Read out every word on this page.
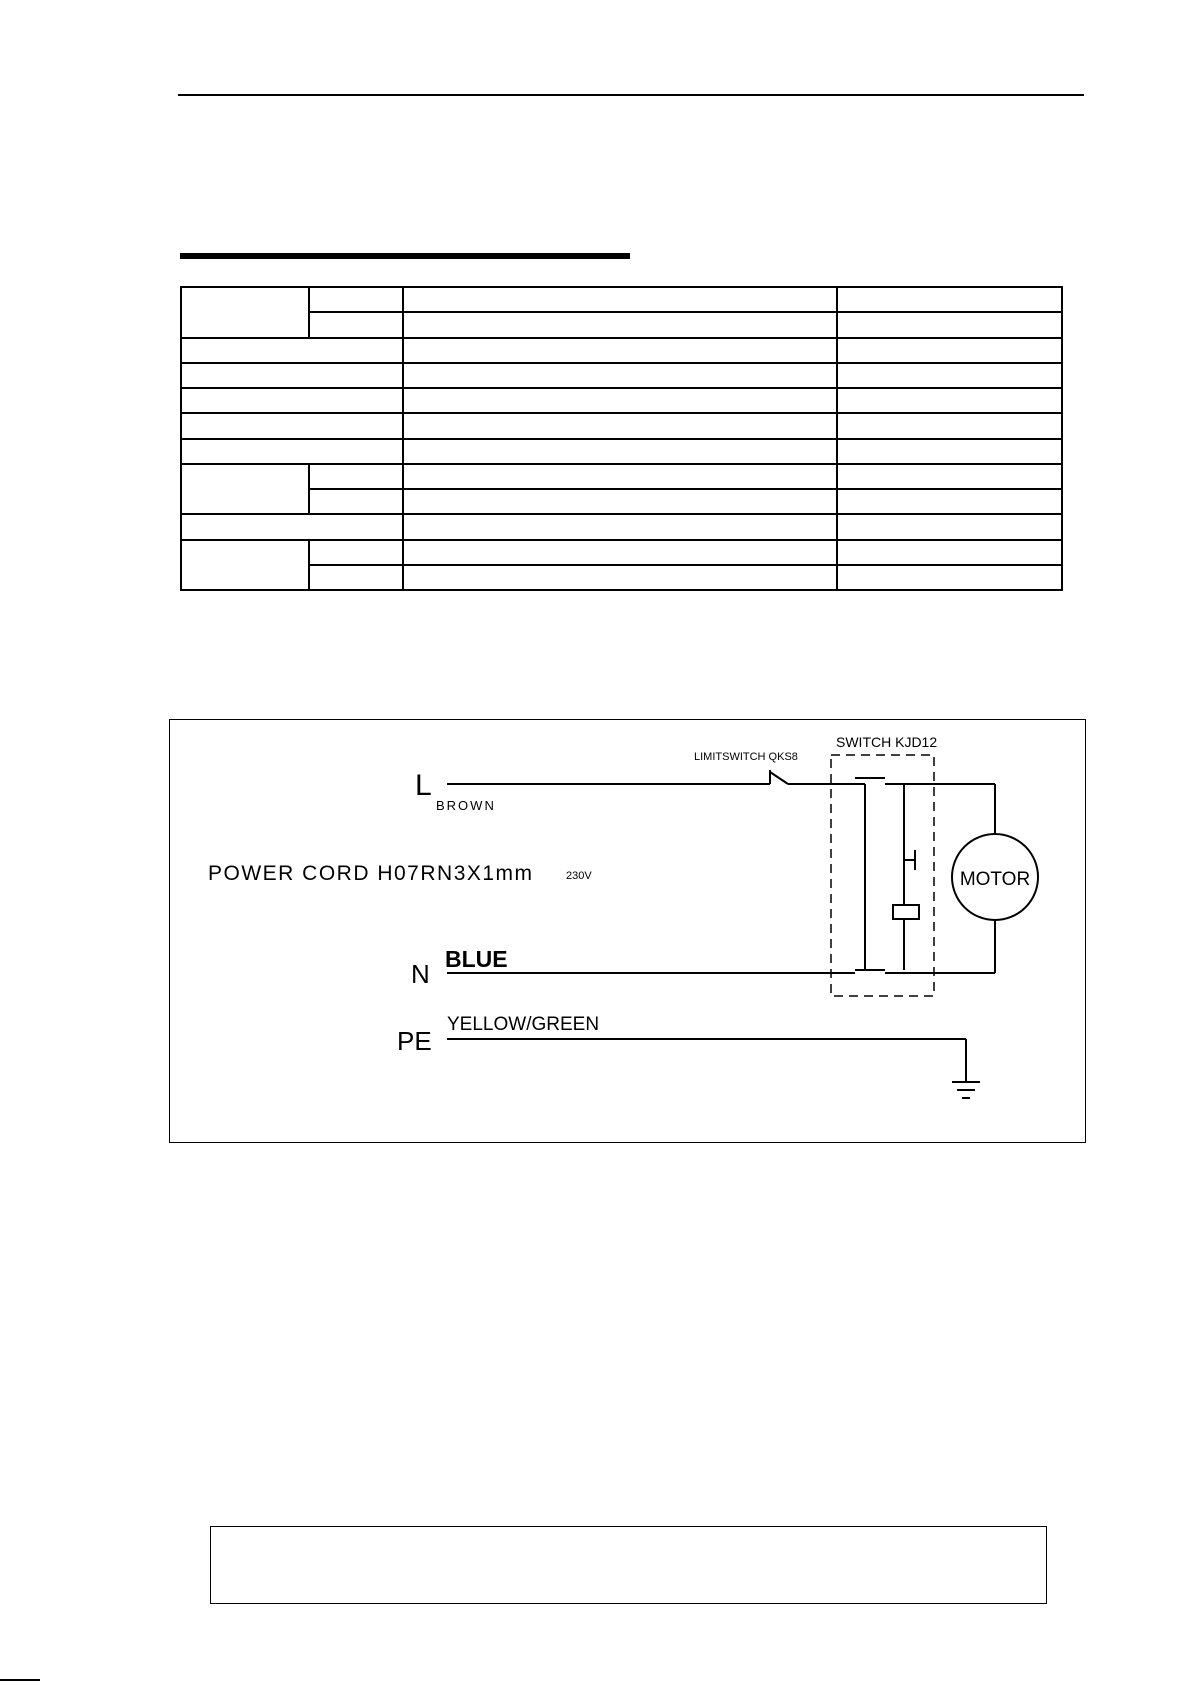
L
BROWN
POWER CORD H07RN3X1mm	230V
N BLUE
PE
YELLOW/GREEN
LIMITSWITCH QKS8
SWITCH KJD12
MOTOR
